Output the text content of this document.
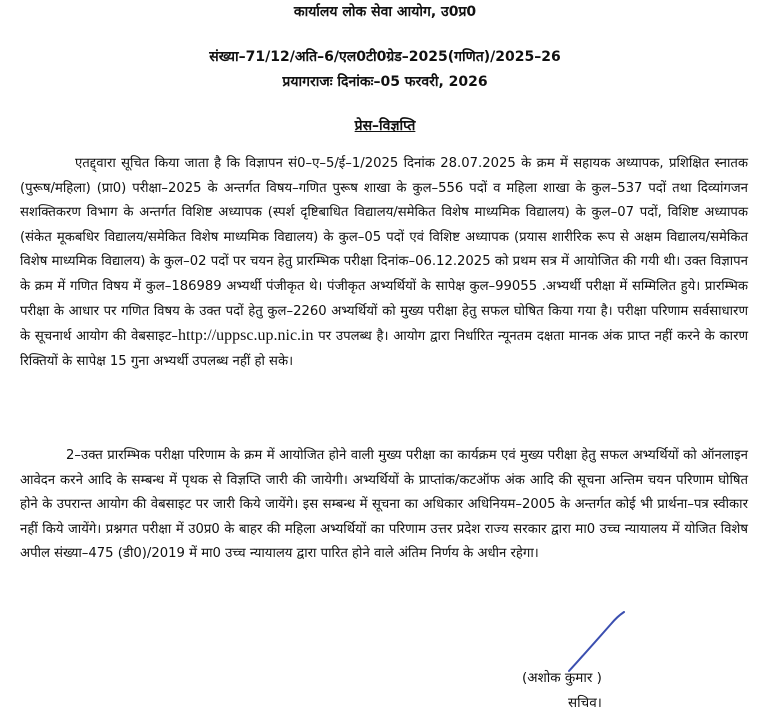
कार्यालय लोक सेवा आयोग, उ0प्र0
संख्या–71/12/अति–6/एल0टी0ग्रेड–2025(गणित)/2025–26
प्रयागराजः दिनांकः–05 फरवरी, 2026
प्रेस–विज्ञप्ति

एतद्द्वारा सूचित किया जाता है कि विज्ञापन सं0–ए–5/ई–1/2025 दिनांक 28.07.2025 के क्रम में सहायक अध्यापक, प्रशिक्षित स्नातक (पुरूष/महिला) (प्रा0) परीक्षा–2025 के अन्तर्गत विषय–गणित पुरूष शाखा के कुल–556 पदों व महिला शाखा के कुल–537 पदों तथा दिव्यांगजन सशक्तिकरण विभाग के अन्तर्गत विशिष्ट अध्यापक (स्पर्श दृष्टिबाधित विद्यालय/समेकित विशेष माध्यमिक विद्यालय) के कुल–07 पदों, विशिष्ट अध्यापक (संकेत मूकबधिर विद्यालय/समेकित विशेष माध्यमिक विद्यालय) के कुल–05 पदों एवं विशिष्ट अध्यापक (प्रयास शारीरिक रूप से अक्षम विद्यालय/समेकित विशेष माध्यमिक विद्यालय) के कुल–02 पदों पर चयन हेतु प्रारम्भिक परीक्षा दिनांक–06.12.2025 को प्रथम सत्र में आयोजित की गयी थी। उक्त विज्ञापन के क्रम में गणित विषय में कुल–186989 अभ्यर्थी पंजीकृत थे। पंजीकृत अभ्यर्थियों के सापेक्ष कुल–99055 .अभ्यर्थी परीक्षा में सम्मिलित हुये। प्रारम्भिक परीक्षा के आधार पर गणित विषय के उक्त पदों हेतु कुल–2260 अभ्यर्थियों को मुख्य परीक्षा हेतु सफल घोषित किया गया है। परीक्षा परिणाम सर्वसाधारण के सूचनार्थ आयोग की वेबसाइट–http://uppsc.up.nic.in पर उपलब्ध है। आयोग द्वारा निर्धारित न्यूनतम दक्षता मानक अंक प्राप्त नहीं करने के कारण रिक्तियों के सापेक्ष 15 गुना अभ्यर्थी उपलब्ध नहीं हो सके।

2–उक्त प्रारम्भिक परीक्षा परिणाम के क्रम में आयोजित होने वाली मुख्य परीक्षा का कार्यक्रम एवं मुख्य परीक्षा हेतु सफल अभ्यर्थियों को ऑनलाइन आवेदन करने आदि के सम्बन्ध में पृथक से विज्ञप्ति जारी की जायेगी। अभ्यर्थियों के प्राप्तांक/कटऑफ अंक आदि की सूचना अन्तिम चयन परिणाम घोषित होने के उपरान्त आयोग की वेबसाइट पर जारी किये जायेंगे। इस सम्बन्ध में सूचना का अधिकार अधिनियम–2005 के अन्तर्गत कोई भी प्रार्थना–पत्र स्वीकार नहीं किये जायेंगे। प्रश्नगत परीक्षा में उ0प्र0 के बाहर की महिला अभ्यर्थियों का परिणाम उत्तर प्रदेश राज्य सरकार द्वारा मा0 उच्च न्यायालय में योजित विशेष अपील संख्या–475 (डी0)/2019 में मा0 उच्च न्यायालय द्वारा पारित होने वाले अंतिम निर्णय के अधीन रहेगा।

(अशोक कुमार )
सचिव।
